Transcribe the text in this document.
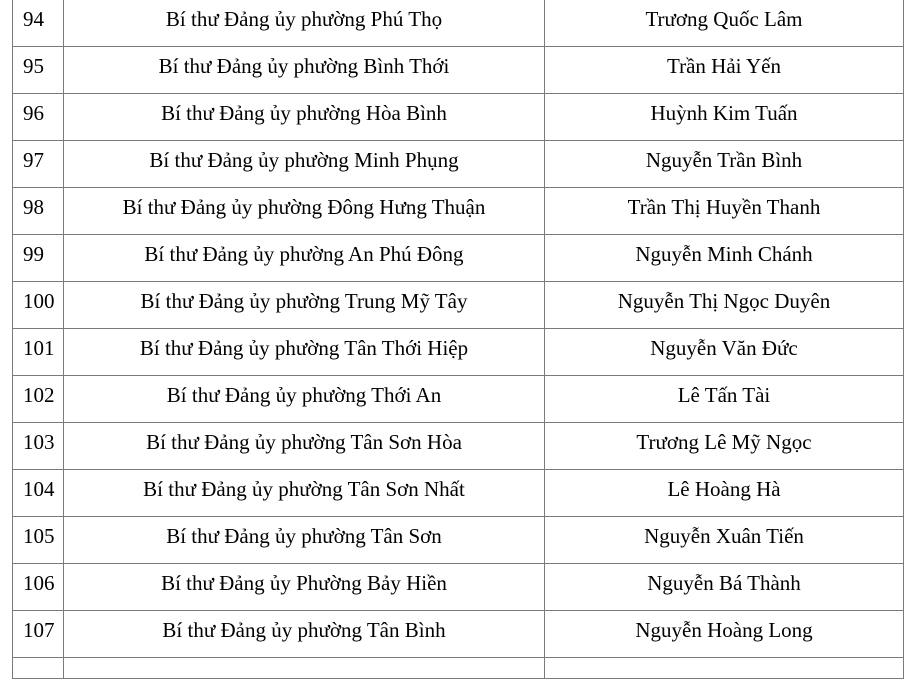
94	Bí thư Đảng ủy phường Phú Thọ	Trương Quốc Lâm
95	Bí thư Đảng ủy phường Bình Thới	Trần Hải Yến
96	Bí thư Đảng ủy phường Hòa Bình	Huỳnh Kim Tuấn
97	Bí thư Đảng ủy phường Minh Phụng	Nguyễn Trần Bình
98	Bí thư Đảng ủy phường Đông Hưng Thuận	Trần Thị Huyền Thanh
99	Bí thư Đảng ủy phường An Phú Đông	Nguyễn Minh Chánh
100	Bí thư Đảng ủy phường Trung Mỹ Tây	Nguyễn Thị Ngọc Duyên
101	Bí thư Đảng ủy phường Tân Thới Hiệp	Nguyễn Văn Đức
102	Bí thư Đảng ủy phường Thới An	Lê Tấn Tài
103	Bí thư Đảng ủy phường Tân Sơn Hòa	Trương Lê Mỹ Ngọc
104	Bí thư Đảng ủy phường Tân Sơn Nhất	Lê Hoàng Hà
105	Bí thư Đảng ủy phường Tân Sơn	Nguyễn Xuân Tiến
106	Bí thư Đảng ủy Phường Bảy Hiền	Nguyễn Bá Thành
107	Bí thư Đảng ủy phường Tân Bình	Nguyễn Hoàng Long
